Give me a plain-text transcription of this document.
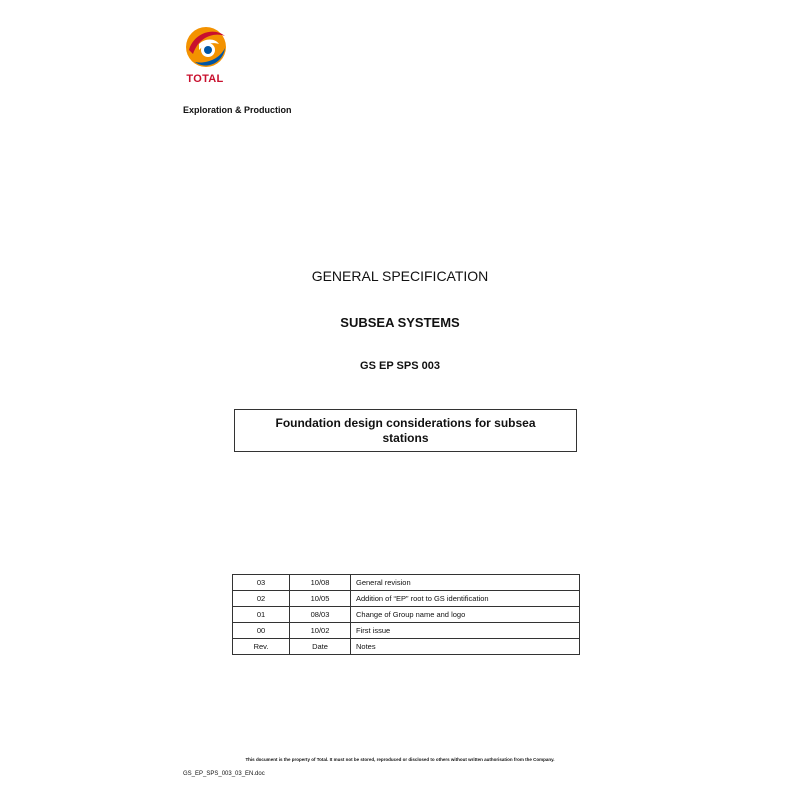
TOTAL
Exploration & Production
GENERAL SPECIFICATION
SUBSEA SYSTEMS
GS EP SPS 003
Foundation design considerations for subsea stations
03	10/08	General revision
02	10/05	Addition of “EP” root to GS identification
01	08/03	Change of Group name and logo
00	10/02	First issue
Rev.	Date	Notes
This document is the property of Total. It must not be stored, reproduced or disclosed to others without written authorisation from the Company.
GS_EP_SPS_003_03_EN.doc
